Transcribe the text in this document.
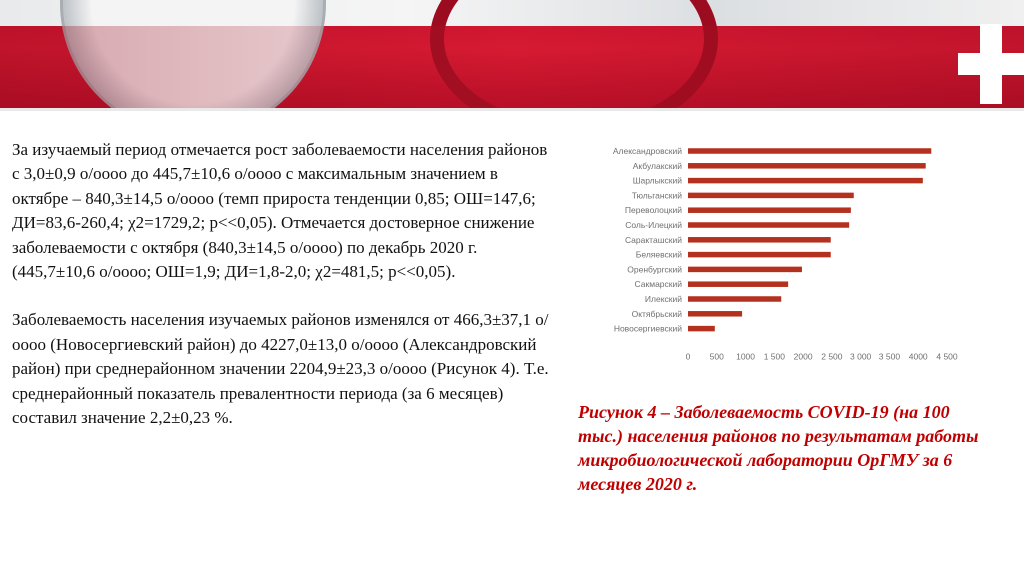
За изучаемый период отмечается рост заболеваемости населения районов с 3,0±0,9 о/оооо до 445,7±10,6 о/оооо с максимальным значением в октябре – 840,3±14,5 о/оооо (темп прироста тенденции 0,85; ОШ=147,6; ДИ=83,6-260,4; χ2=1729,2; p<<0,05). Отмечается достоверное снижение заболеваемости с октября (840,3±14,5 о/оооо) по декабрь 2020 г. (445,7±10,6 о/оооо; ОШ=1,9; ДИ=1,8-2,0; χ2=481,5; p<<0,05).

Заболеваемость населения изучаемых районов изменялся от 466,3±37,1 о/оооо (Новосергиевский район) до 4227,0±13,0 о/оооо (Александровский район) при среднерайонном значении 2204,9±23,3 о/оооо (Рисунок 4). Т.е. среднерайонный показатель превалентности периода (за 6 месяцев) составил значение 2,2±0,23 %.

Александровский
Акбулакский
Шарлыкский
Тюльганский
Переволоцкий
Соль-Илецкий
Саракташский
Беляевский
Оренбургский
Сакмарский
Илекский
Октябрьский
Новосергиевский
0 500 1000 1 500 2000 2 500 3 000 3 500 4000 4 500
Рисунок 4 – Заболеваемость COVID-19 (на 100 тыс.) населения районов по результатам работы микробиологической лаборатории ОрГМУ за 6 месяцев 2020 г.
